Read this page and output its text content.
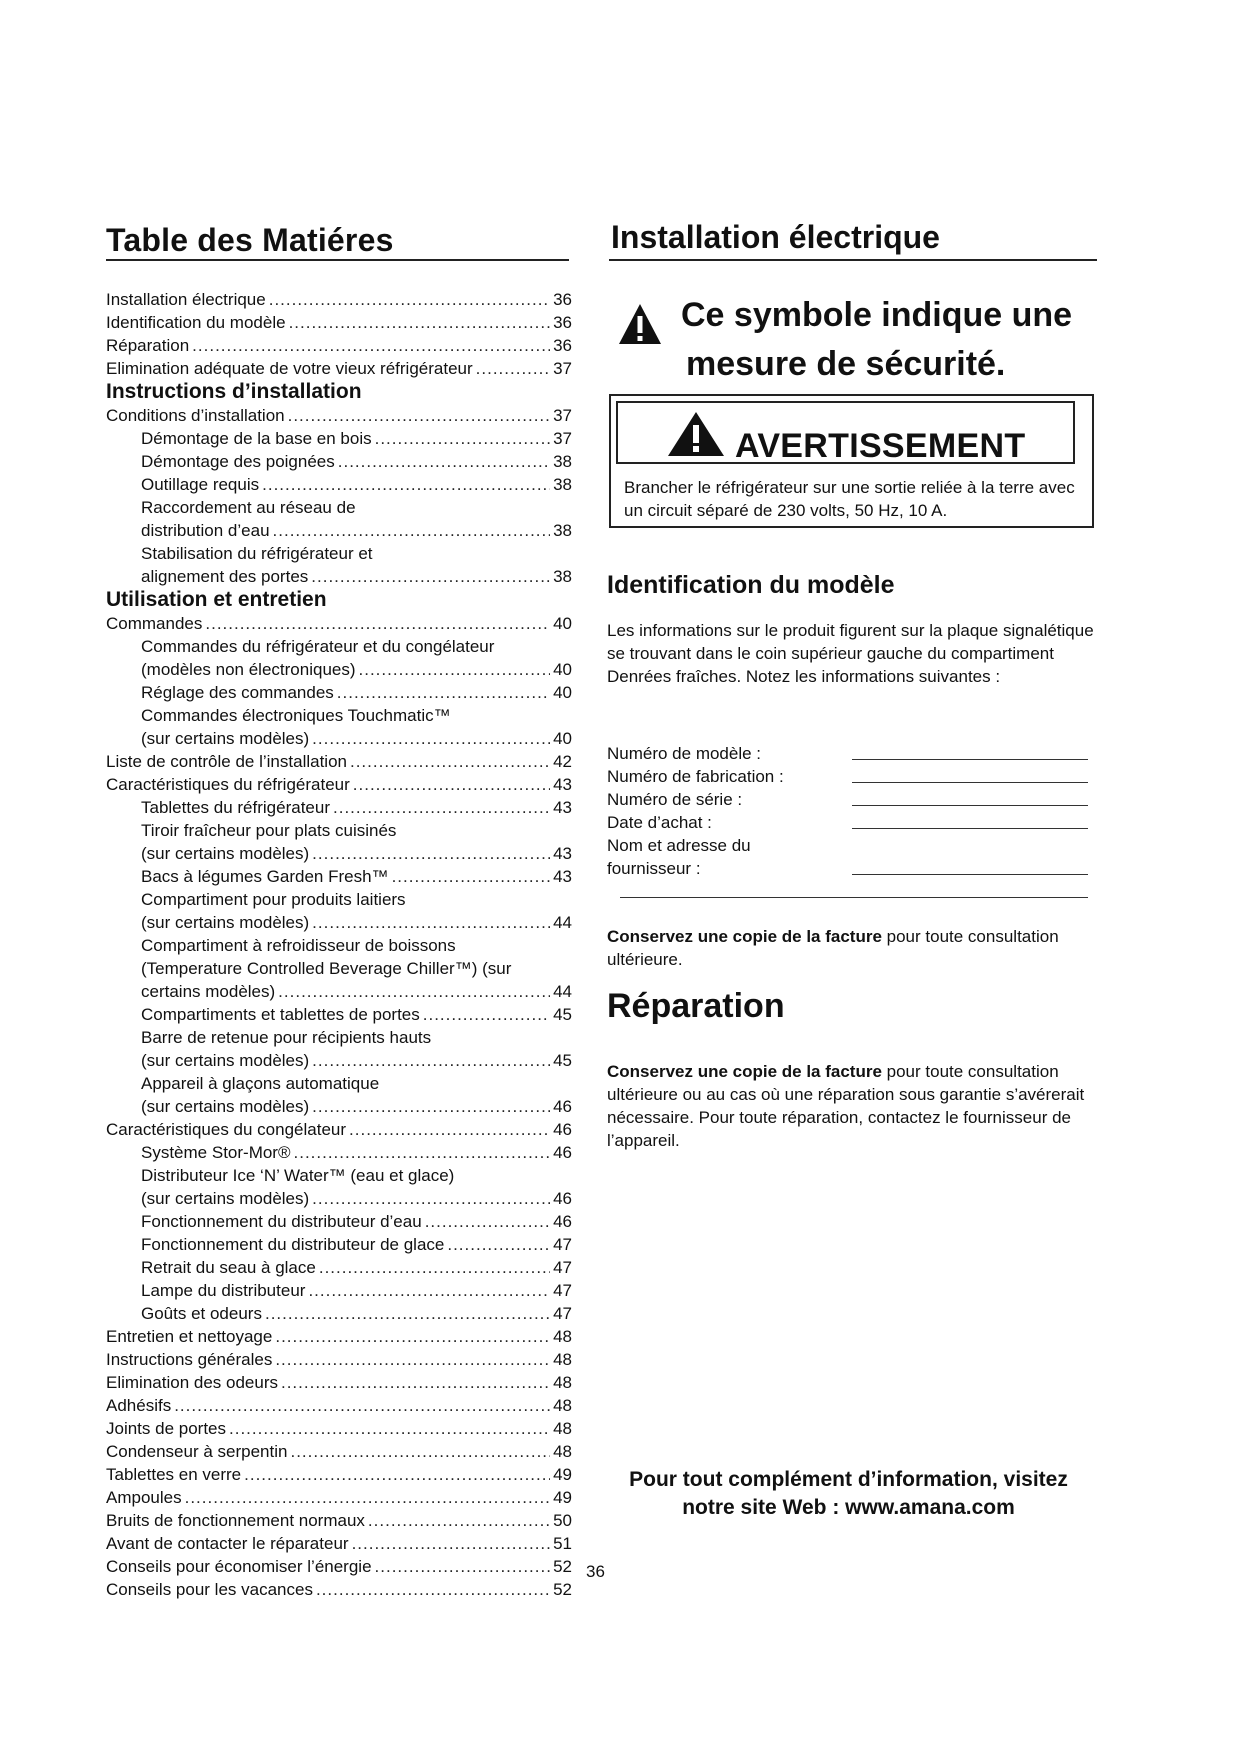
Table des Matiéres
Installation électrique .....	36
Identification du modèle .....	36
Réparation .....	36
Elimination adéquate de votre vieux réfrigérateur .....	37
Instructions d’installation
Conditions d’installation .....	37
Démontage de la base en bois .....	37
Démontage des poignées .....	38
Outillage requis .....	38
Raccordement au réseau de
distribution d’eau .....	38
Stabilisation du réfrigérateur et
alignement des portes .....	38
Utilisation et entretien
Commandes .....	40
Commandes du réfrigérateur et du congélateur
(modèles non électroniques) .....	40
Réglage des commandes .....	40
Commandes électroniques Touchmatic™
(sur certains modèles) .....	40
Liste de contrôle de l’installation .....	42
Caractéristiques du réfrigérateur .....	43
Tablettes du réfrigérateur .....	43
Tiroir fraîcheur pour plats cuisinés
(sur certains modèles) .....	43
Bacs à légumes Garden Fresh™ .....	43
Compartiment pour produits laitiers
(sur certains modèles) .....	44
Compartiment à refroidisseur de boissons
(Temperature Controlled Beverage Chiller™) (sur
certains modèles) .....	44
Compartiments et tablettes de portes .....	45
Barre de retenue pour récipients hauts
(sur certains modèles) .....	45
Appareil à glaçons automatique
(sur certains modèles) .....	46
Caractéristiques du congélateur .....	46
Système Stor-Mor® .....	46
Distributeur Ice ‘N’ Water™ (eau et glace)
(sur certains modèles) .....	46
Fonctionnement du distributeur d’eau .....	46
Fonctionnement du distributeur de glace .....	47
Retrait du seau à glace .....	47
Lampe du distributeur .....	47
Goûts et odeurs .....	47
Entretien et nettoyage .....	48
Instructions générales .....	48
Elimination des odeurs .....	48
Adhésifs .....	48
Joints de portes .....	48
Condenseur à serpentin .....	48
Tablettes en verre .....	49
Ampoules .....	49
Bruits de fonctionnement normaux .....	50
Avant de contacter le réparateur .....	51
Conseils pour économiser l’énergie .....	52
Conseils pour les vacances .....	52
Installation électrique
Ce symbole indique une
mesure de sécurité.
AVERTISSEMENT
Brancher le réfrigérateur sur une sortie reliée à la terre avec un circuit séparé de 230 volts, 50 Hz, 10 A.
Identification du modèle
Les informations sur le produit figurent sur la plaque signalétique se trouvant dans le coin supérieur gauche du compartiment Denrées fraîches. Notez les informations suivantes :
Numéro de modèle :
Numéro de fabrication :
Numéro de série :
Date d’achat :
Nom et adresse du
fournisseur :
Conservez une copie de la facture pour toute consultation ultérieure.
Réparation
Conservez une copie de la facture pour toute consultation ultérieure ou au cas où une réparation sous garantie s’avérerait nécessaire. Pour toute réparation, contactez le fournisseur de l’appareil.
Pour tout complément d’information, visitez
notre site Web : www.amana.com
36
